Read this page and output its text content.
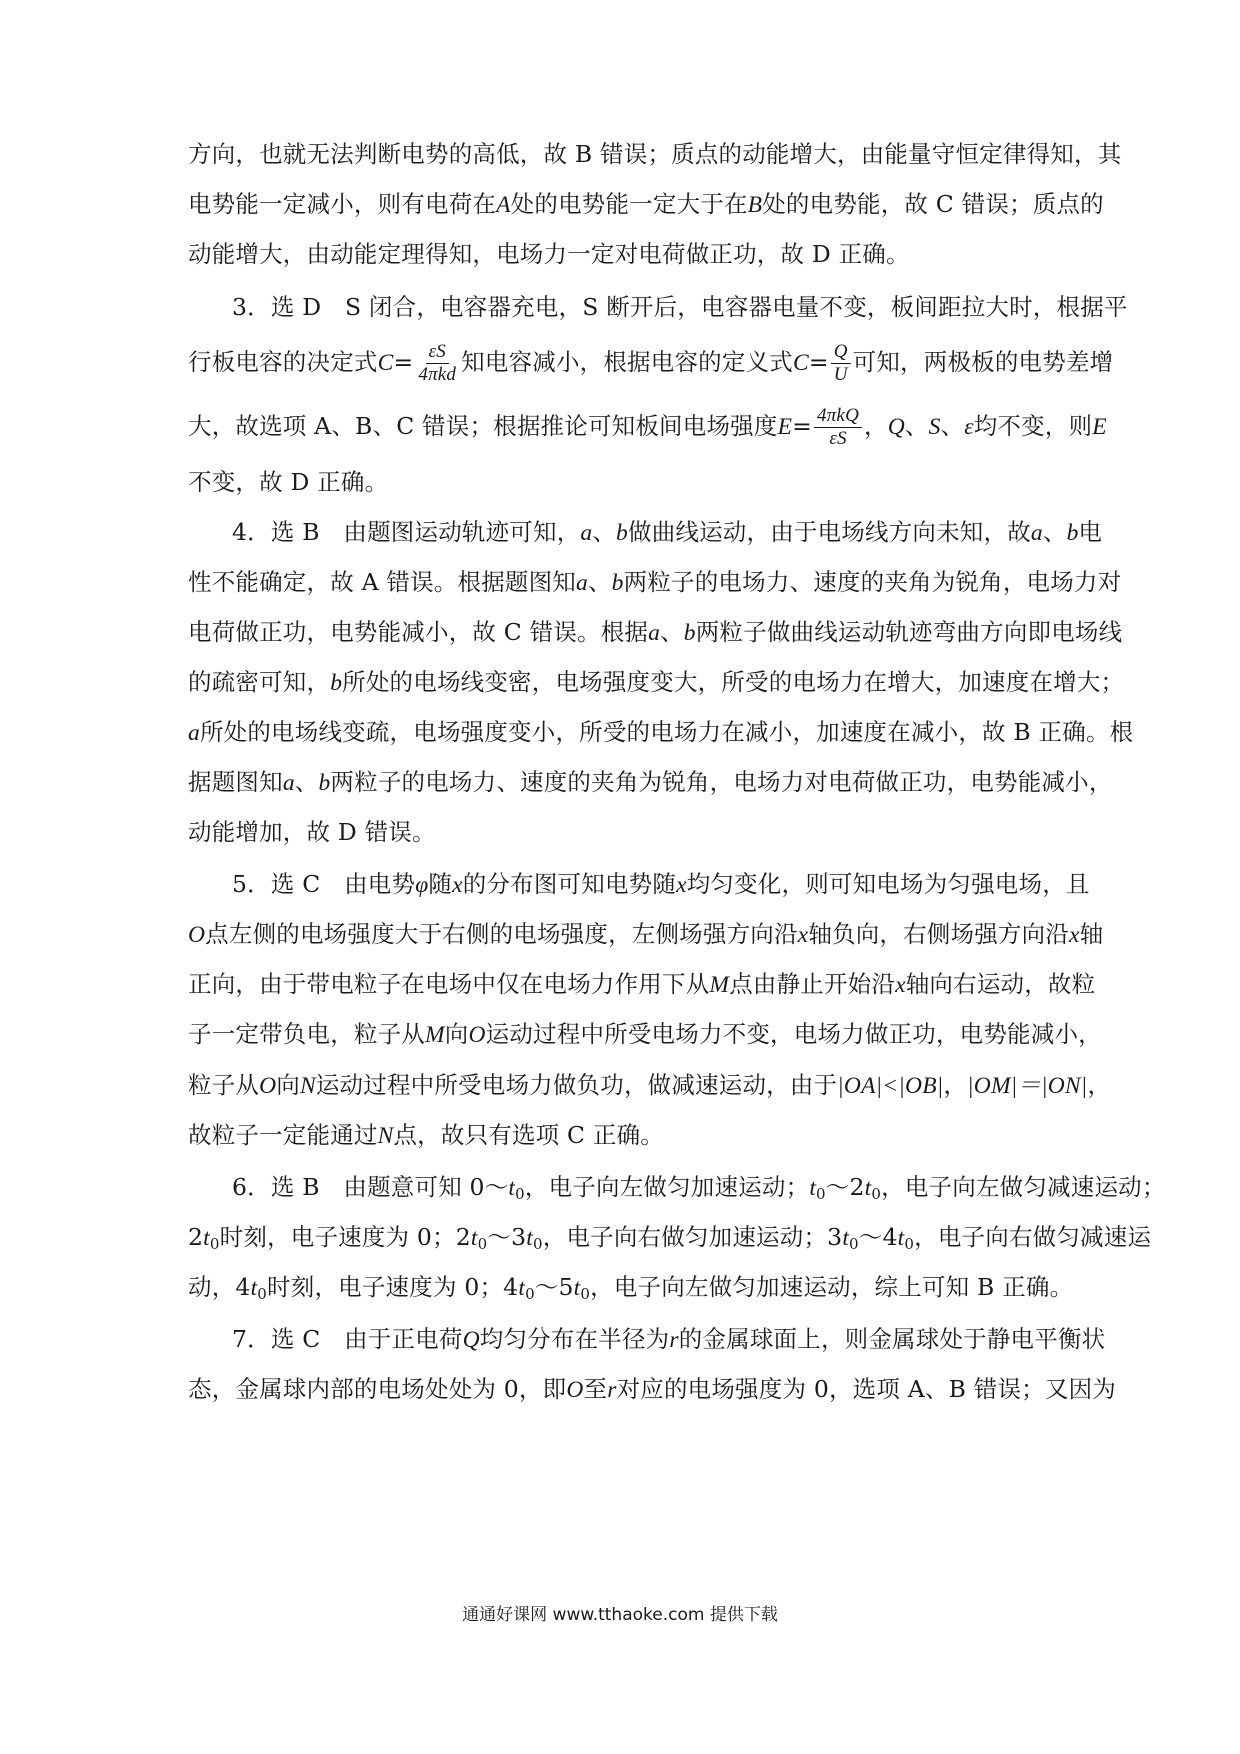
方向，也就无法判断电势的高低，故 B 错误；质点的动能增大，由能量守恒定律得知，其
电势能一定减小，则有电荷在A处的电势能一定大于在B处的电势能，故 C 错误；质点的
动能增大，由动能定理得知，电场力一定对电荷做正功，故 D 正确。
3．选 D　S 闭合，电容器充电，S 断开后，电容器电量不变，板间距拉大时，根据平
行板电容的决定式$C= \frac{\varepsilon S}{\text{4πkd}}$ 知电容减小，根据电容的定义式$C= \frac{Q}{U}$ 可知，两极板的电势差增
大，故选项 A、B、C 错误；根据推论可知板间电场强度$E= \frac{\text{4πkQ}}{\varepsilon S}$ ，Q、S、ε均不变，则E
不变，故 D 正确。
4．选 B　由题图运动轨迹可知，a、b做曲线运动，由于电场线方向未知，故a、b电
性不能确定，故 A 错误。根据题图知a、b两粒子的电场力、速度的夹角为锐角，电场力对
电荷做正功，电势能减小，故 C 错误。根据a、b两粒子做曲线运动轨迹弯曲方向即电场线
的疏密可知，b所处的电场线变密，电场强度变大，所受的电场力在增大，加速度在增大；
a所处的电场线变疏，电场强度变小，所受的电场力在减小，加速度在减小，故 B 正确。根
据题图知a、b两粒子的电场力、速度的夹角为锐角，电场力对电荷做正功，电势能减小，
动能增加，故 D 错误。
5．选 C　由电势φ随x的分布图可知电势随x均匀变化，则可知电场为匀强电场，且
O点左侧的电场强度大于右侧的电场强度，左侧场强方向沿x轴负向，右侧场强方向沿x轴
正向，由于带电粒子在电场中仅在电场力作用下从M点由静止开始沿x轴向右运动，故粒
子一定带负电，粒子从M向O运动过程中所受电场力不变，电场力做正功，电势能减小，
粒子从O向N运动过程中所受电场力做负功，做减速运动，由于|OA|<|OB|，|OM|＝|ON|，
故粒子一定能通过N点，故只有选项 C 正确。
6．选 B　由题意可知 $0\sim t_0$，电子向左做匀加速运动；$t_0\sim 2t_0$，电子向左做匀减速运动；
$2t_0$时刻，电子速度为 0；$2t_0\sim 3t_0$，电子向右做匀加速运动；$3t_0\sim 4t_0$，电子向右做匀减速运
动，$4t_0$时刻，电子速度为 0；$4t_0\sim 5t_0$，电子向左做匀加速运动，综上可知 B 正确。
7．选 C　由于正电荷Q均匀分布在半径为r的金属球面上，则金属球处于静电平衡状
态，金属球内部的电场处处为 0，即O至r对应的电场强度为 0，选项 A、B 错误；又因为
通通好课网 www.tthaoke.com 提供下载
